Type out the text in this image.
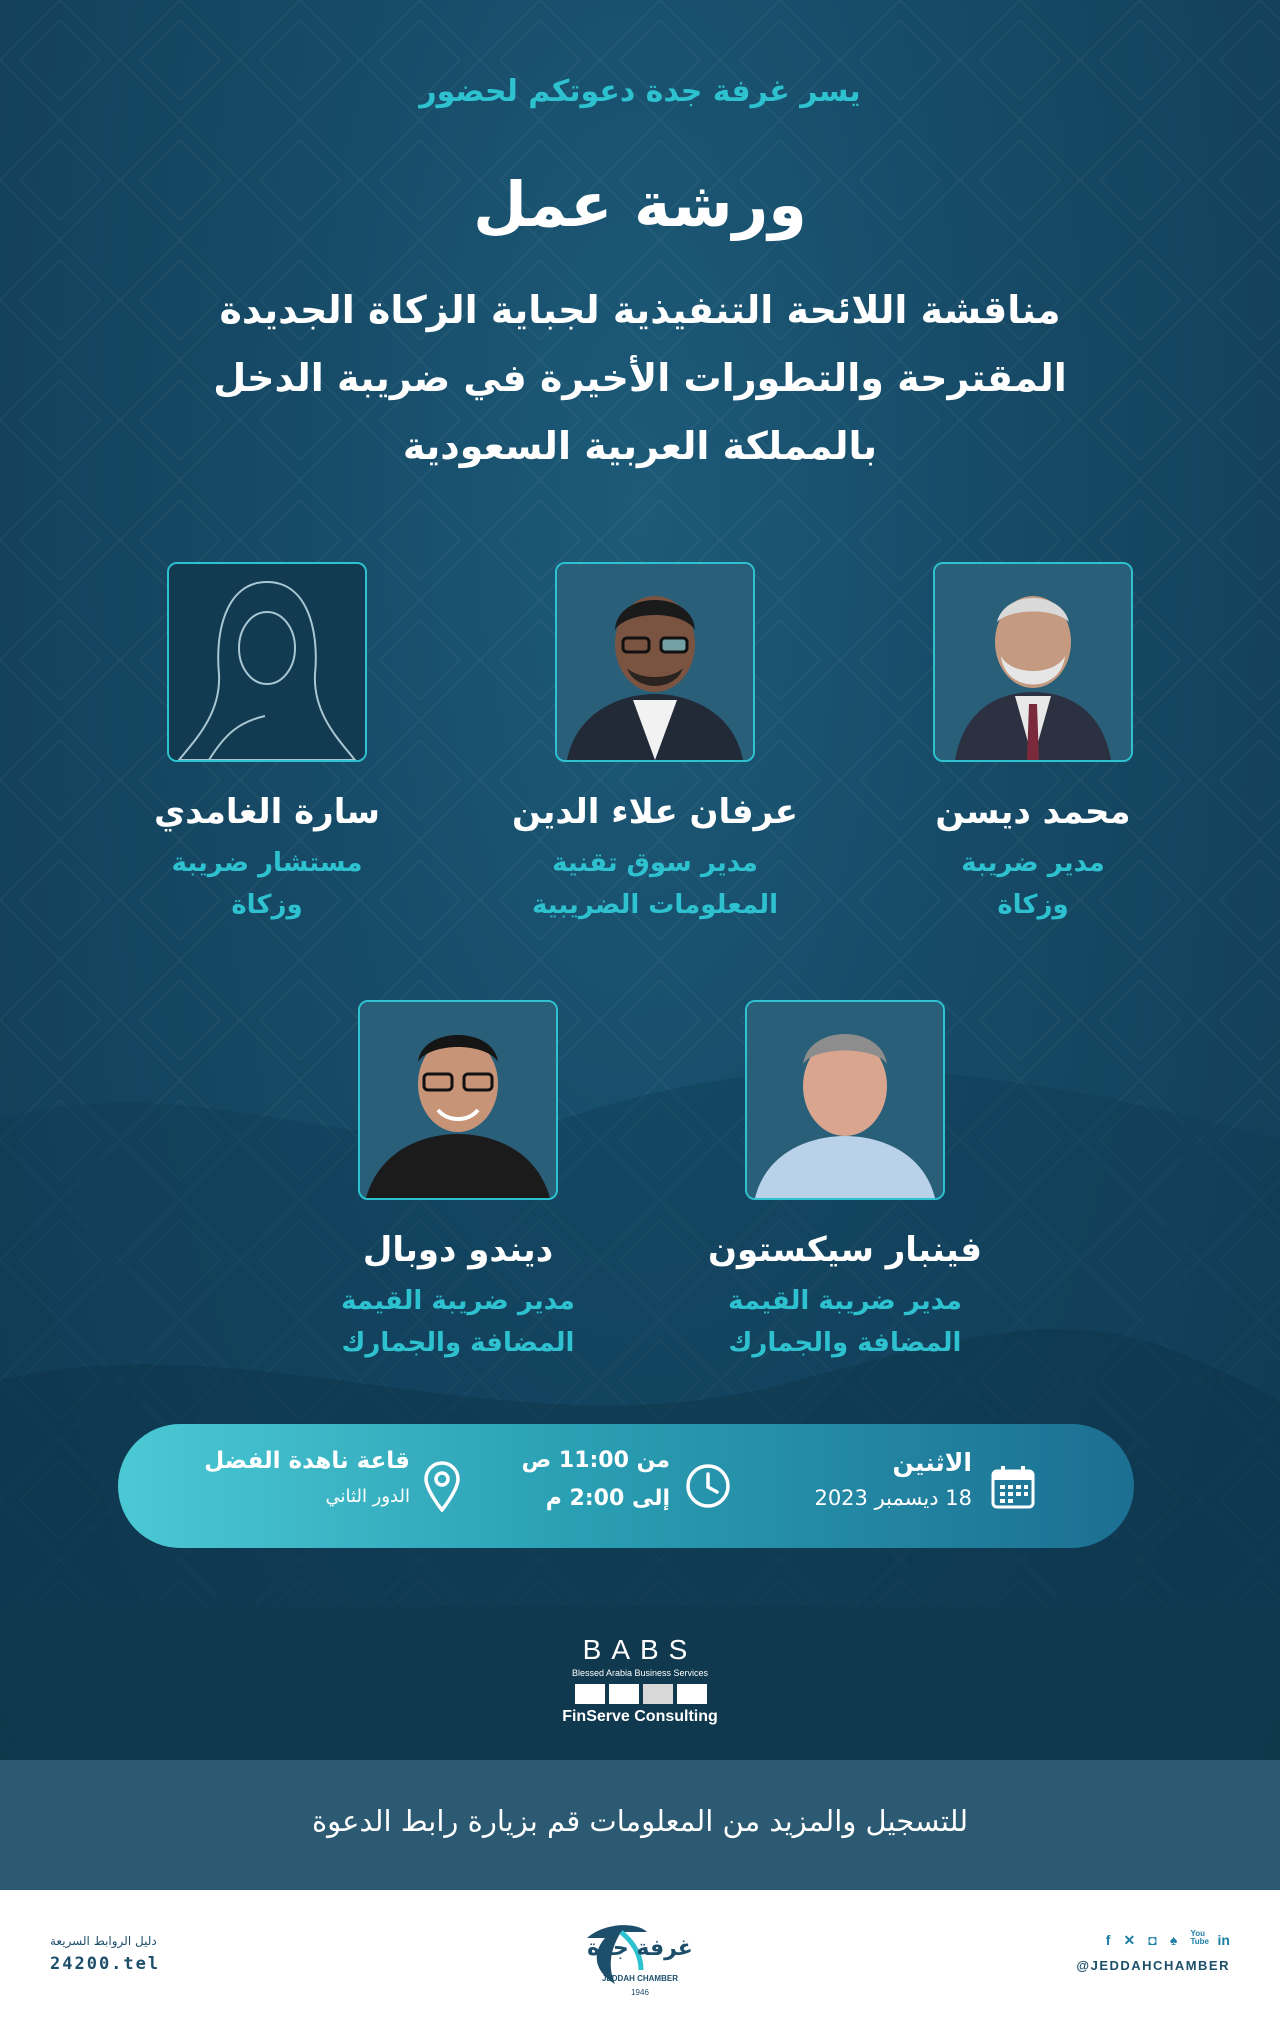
يسر غرفة جدة دعوتكم لحضور
ورشة عمل
مناقشة اللائحة التنفيذية لجباية الزكاة الجديدة
المقترحة والتطورات الأخيرة في ضريبة الدخل
بالمملكة العربية السعودية
محمد ديسن
مدير ضريبة
وزكاة
عرفان علاء الدين
مدير سوق تقنية
المعلومات الضريبية
سارة الغامدي
مستشار ضريبة
وزكاة
فينبار سيكستون
مدير ضريبة القيمة
المضافة والجمارك
ديندو دوبال
مدير ضريبة القيمة
المضافة والجمارك
الاثنين
18 ديسمبر 2023
من 11:00 ص
إلى 2:00 م
قاعة ناهدة الفضل
الدور الثاني
BABS
Blessed Arabia Business Services
FinServe Consulting
للتسجيل والمزيد من المعلومات قم بزيارة رابط الدعوة
دليل الروابط السريعة
24200.tel
غرفة جدة
JEDDAH CHAMBER
1946
f ✕ ◘ ♠ You Tube in
@JEDDAHCHAMBER
